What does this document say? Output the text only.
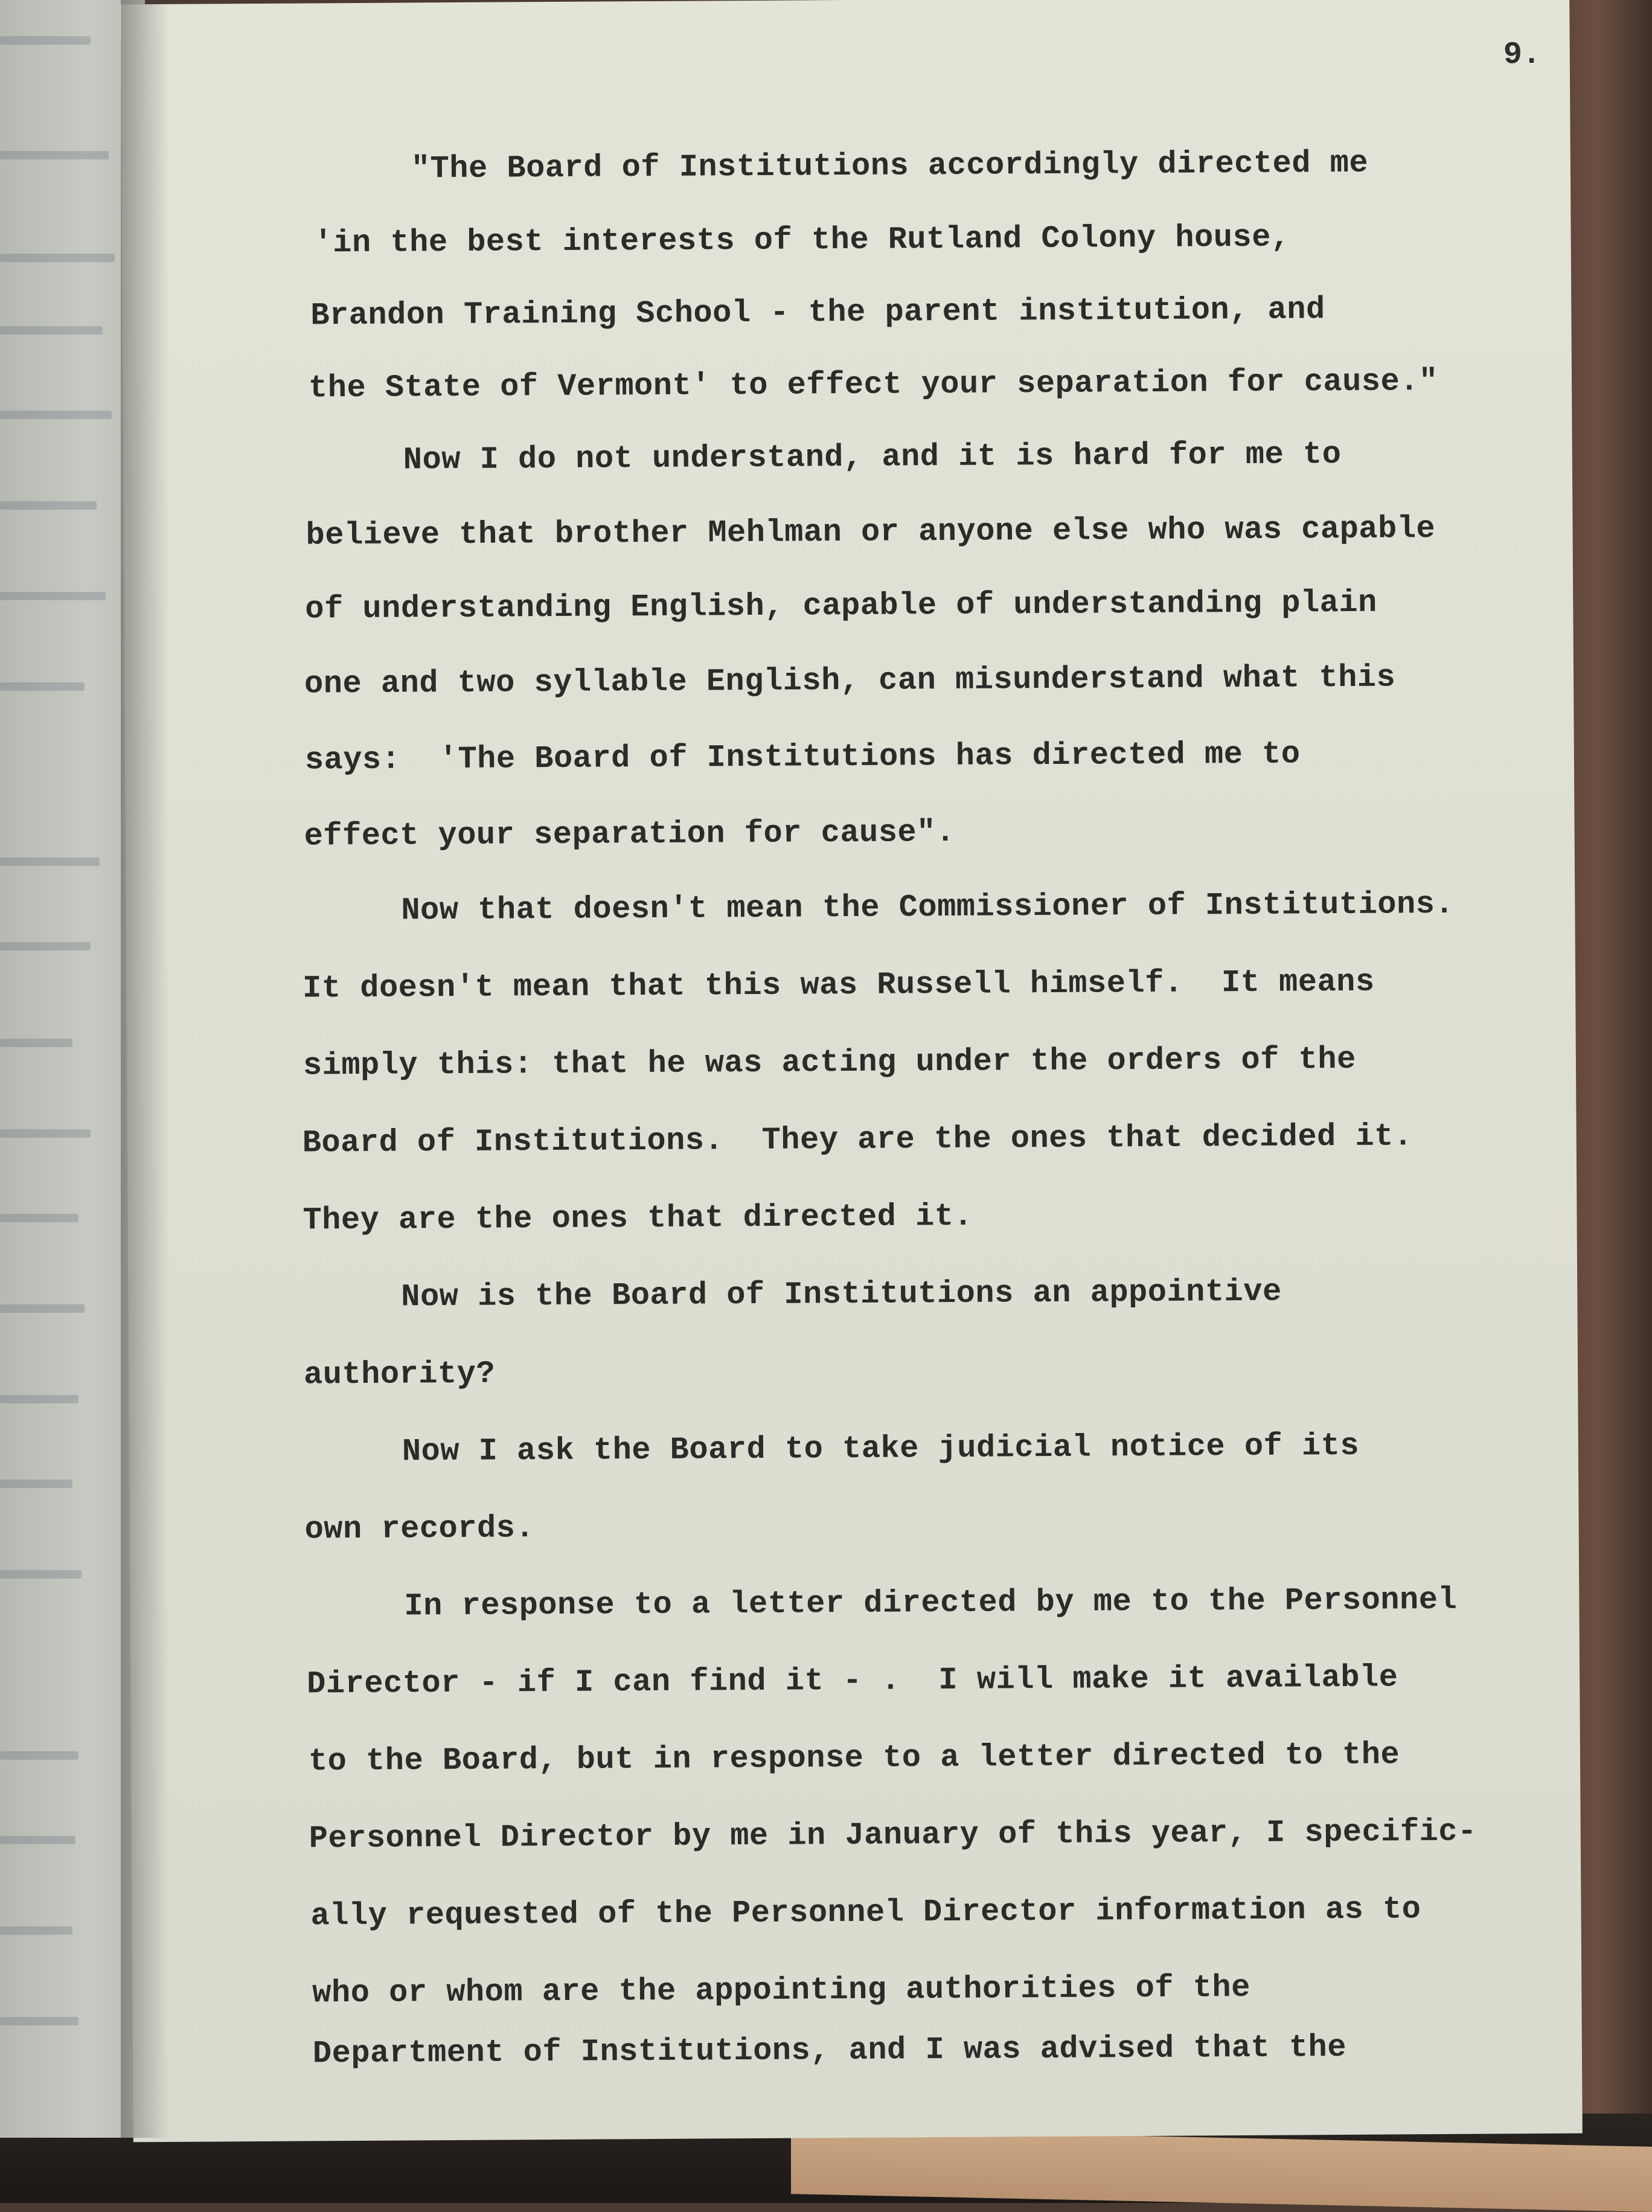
9.
"The Board of Institutions accordingly directed me
'in the best interests of the Rutland Colony house,
Brandon Training School - the parent institution, and
the State of Vermont' to effect your separation for cause."
Now I do not understand, and it is hard for me to
believe that brother Mehlman or anyone else who was capable
of understanding English, capable of understanding plain
one and two syllable English, can misunderstand what this
says:  'The Board of Institutions has directed me to
effect your separation for cause".
Now that doesn't mean the Commissioner of Institutions.
It doesn't mean that this was Russell himself.  It means
simply this: that he was acting under the orders of the
Board of Institutions.  They are the ones that decided it.
They are the ones that directed it.
Now is the Board of Institutions an appointive
authority?
Now I ask the Board to take judicial notice of its
own records.
In response to a letter directed by me to the Personnel
Director - if I can find it - .  I will make it available
to the Board, but in response to a letter directed to the
Personnel Director by me in January of this year, I specific-
ally requested of the Personnel Director information as to
who or whom are the appointing authorities of the
Department of Institutions, and I was advised that the
